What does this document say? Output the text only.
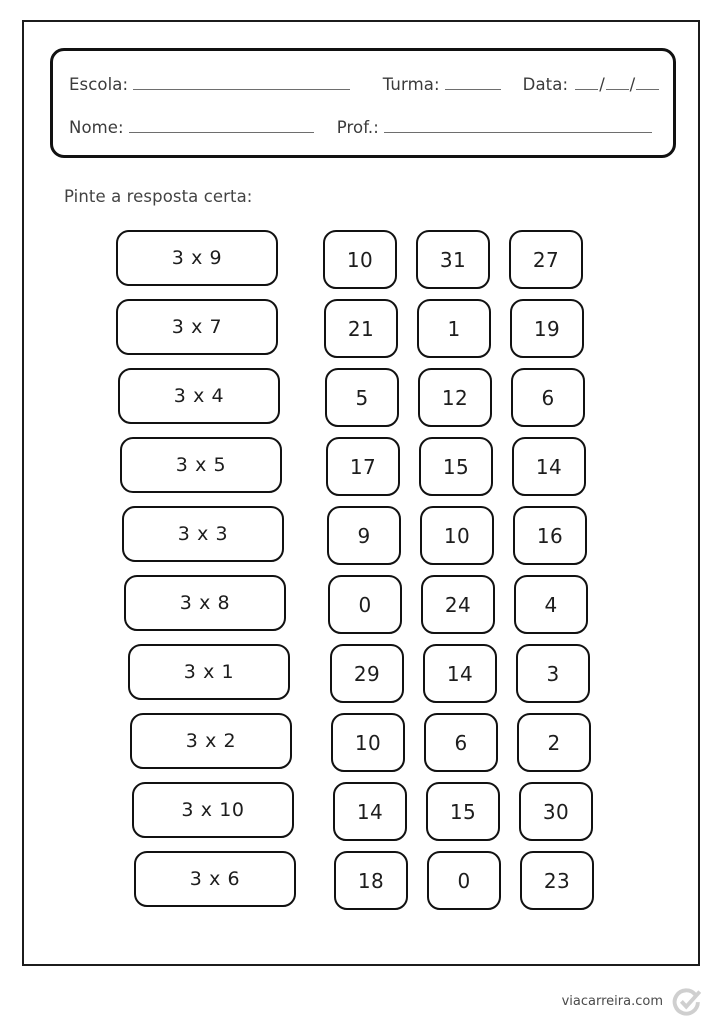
Escola:	Turma:	Data: / /
Nome:	Prof.:
Pinte a resposta certa:
3 x 9	10	31	27
3 x 7	21	1	19
3 x 4	5	12	6
3 x 5	17	15	14
3 x 3	9	10	16
3 x 8	0	24	4
3 x 1	29	14	3
3 x 2	10	6	2
3 x 10	14	15	30
3 x 6	18	0	23
viacarreira.com
